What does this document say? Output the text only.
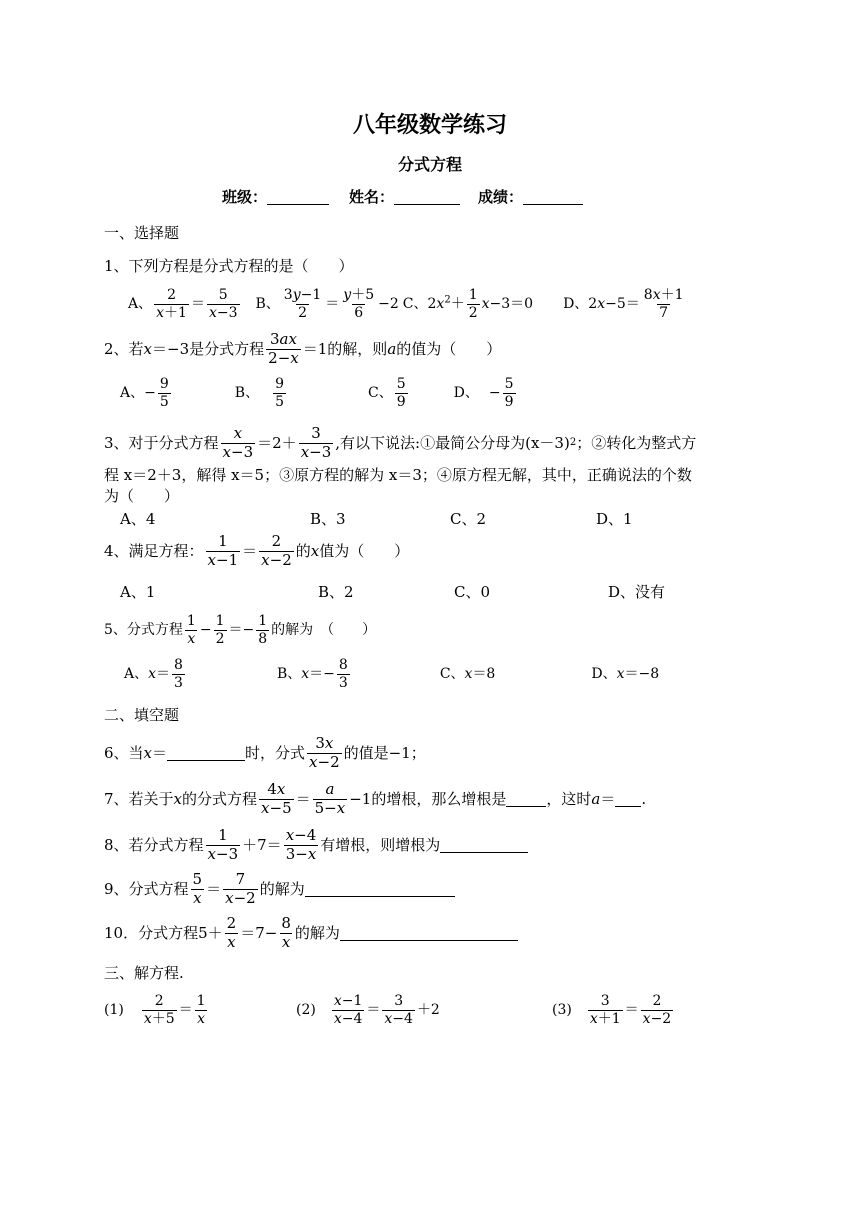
八年级数学练习
分式方程
班级：	姓名：	成绩：
一、选择题
1、下列方程是分式方程的是（　　）
A、 $\frac{2}{x+1} = \frac{5}{x-3}$ B、 $\frac{3y-1}{2} = \frac{y+5}{6} -2$ C、 $2x^2+ \frac{1}{2} x-3=0$ D、 $2x-5= \frac{8x+1}{7}$
2、若 x ＝−3 是分式方程 $\frac{3ax}{2-x} =1$ 的解，则 a 的值为（　　）
A、 − $\frac{9}{5}$	B、 $\frac{9}{5}$	C、 $\frac{5}{9}$	D、 − $\frac{5}{9}$
3、对于分式方程 $\frac{x}{x-3} =2+ \frac{3}{x-3}$ ,有以下说法:①最简公分母为(x－3) 2 ；②转化为整式方
程 x＝2＋3，解得 x＝5；③原方程的解为 x＝3；④原方程无解，其中，正确说法的个数
为（　　）
A、4	B、3	C、2	D、1
4、满足方程： $\frac{1}{x-1} = \frac{2}{x-2}$ 的 x 值为（　　）
A、1	B、2	C、0	D、没有
5、分式方程 $\frac{1}{x} - \frac{1}{2} =- \frac{1}{8}$ 的解为　（　　）
A、 $x= \frac{8}{3}$	B、 $x=- \frac{8}{3}$	C、 x＝8	D、 x＝−8
二、填空题
6、当 x＝	时，分式 $\frac{3x}{x-2}$ 的值是−1；
7、若关于 x 的分式方程 $\frac{4x}{x-5} = \frac{a}{5-x} -1$ 的增根，那么增根是	，这时 a＝ .
8、若分式方程 $\frac{1}{x-3} +7= \frac{x-4}{3-x}$ 有增根，则增根为
9、分式方程 $\frac{5}{x} = \frac{7}{x-2}$ 的解为
10．分式方程 $5+ \frac{2}{x} =7- \frac{8}{x}$ 的解为
三、解方程.
$(1) \frac{2}{x+5} = \frac{1}{x}$	$(2) \frac{x-1}{x-4} = \frac{3}{x-4} +2$	$(3) \frac{3}{x+1} = \frac{2}{x-2}$
